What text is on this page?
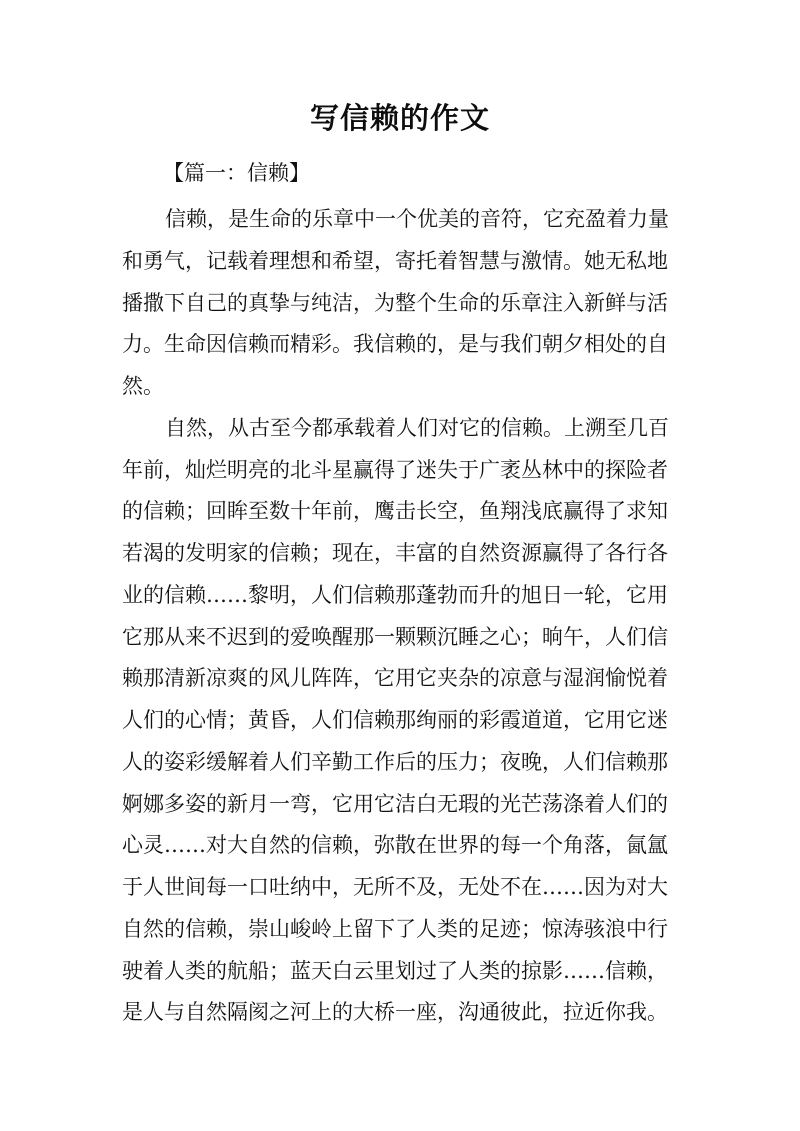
写信赖的作文
【篇一：信赖】
信赖，是生命的乐章中一个优美的音符，它充盈着力量
和勇气，记载着理想和希望，寄托着智慧与激情。她无私地
播撒下自己的真挚与纯洁，为整个生命的乐章注入新鲜与活
力。生命因信赖而精彩。我信赖的，是与我们朝夕相处的自
然。
自然，从古至今都承载着人们对它的信赖。上溯至几百
年前，灿烂明亮的北斗星赢得了迷失于广袤丛林中的探险者
的信赖；回眸至数十年前，鹰击长空，鱼翔浅底赢得了求知
若渴的发明家的信赖；现在，丰富的自然资源赢得了各行各
业的信赖……黎明，人们信赖那蓬勃而升的旭日一轮，它用
它那从来不迟到的爱唤醒那一颗颗沉睡之心；晌午，人们信
赖那清新凉爽的风儿阵阵，它用它夹杂的凉意与湿润愉悦着
人们的心情；黄昏，人们信赖那绚丽的彩霞道道，它用它迷
人的姿彩缓解着人们辛勤工作后的压力；夜晚，人们信赖那
婀娜多姿的新月一弯，它用它洁白无瑕的光芒荡涤着人们的
心灵……对大自然的信赖，弥散在世界的每一个角落，氤氲
于人世间每一口吐纳中，无所不及，无处不在……因为对大
自然的信赖，崇山峻岭上留下了人类的足迹；惊涛骇浪中行
驶着人类的航船；蓝天白云里划过了人类的掠影……信赖，
是人与自然隔阂之河上的大桥一座，沟通彼此，拉近你我。
